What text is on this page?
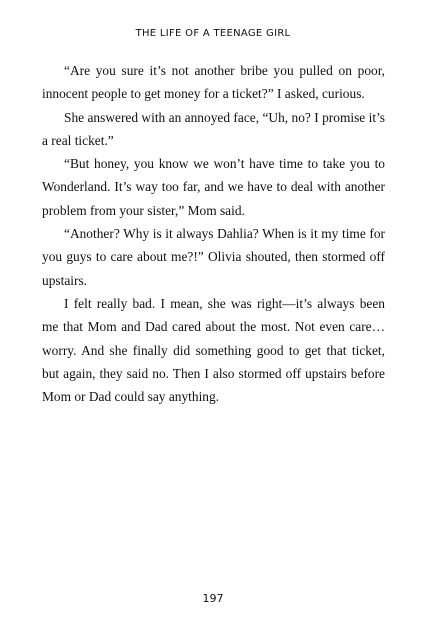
THE LIFE OF A TEENAGE GIRL

“Are you sure it’s not another bribe you pulled on poor, innocent people to get money for a ticket?” I asked, curious.

She answered with an annoyed face, “Uh, no? I promise it’s a real ticket.”

“But honey, you know we won’t have time to take you to Wonderland. It’s way too far, and we have to deal with another problem from your sister,” Mom said.

“Another? Why is it always Dahlia? When is it my time for you guys to care about me?!” Olivia shouted, then stormed off upstairs.

I felt really bad. I mean, she was right—it’s always been me that Mom and Dad cared about the most. Not even care… worry. And she finally did something good to get that ticket, but again, they said no. Then I also stormed off upstairs before Mom or Dad could say anything.

197
